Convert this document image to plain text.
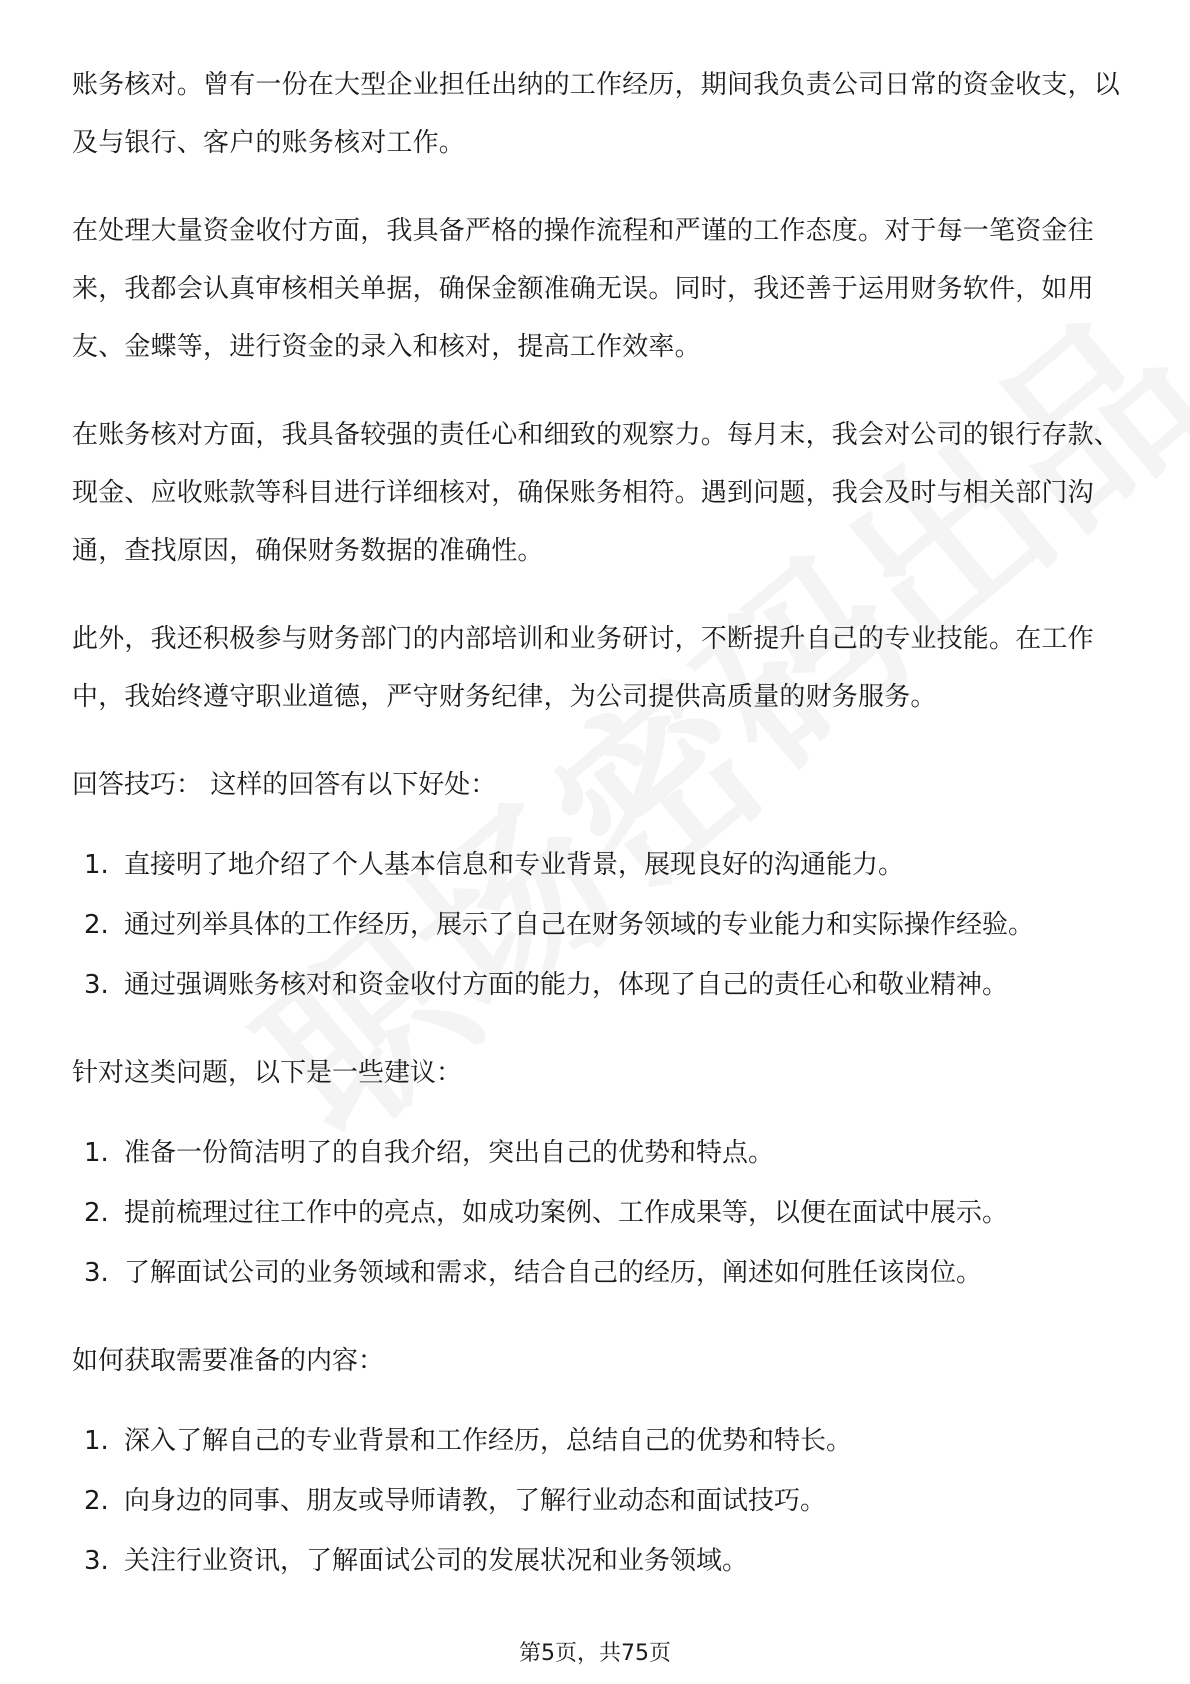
账务核对。曾有一份在大型企业担任出纳的工作经历，期间我负责公司日常的资金收支，以及与银行、客户的账务核对工作。

在处理大量资金收付方面，我具备严格的操作流程和严谨的工作态度。对于每一笔资金往来，我都会认真审核相关单据，确保金额准确无误。同时，我还善于运用财务软件，如用友、金蝶等，进行资金的录入和核对，提高工作效率。

在账务核对方面，我具备较强的责任心和细致的观察力。每月末，我会对公司的银行存款、现金、应收账款等科目进行详细核对，确保账务相符。遇到问题，我会及时与相关部门沟通，查找原因，确保财务数据的准确性。

此外，我还积极参与财务部门的内部培训和业务研讨，不断提升自己的专业技能。在工作中，我始终遵守职业道德，严守财务纪律，为公司提供高质量的财务服务。

回答技巧： 这样的回答有以下好处：

1. 直接明了地介绍了个人基本信息和专业背景，展现良好的沟通能力。
2. 通过列举具体的工作经历，展示了自己在财务领域的专业能力和实际操作经验。
3. 通过强调账务核对和资金收付方面的能力，体现了自己的责任心和敬业精神。

针对这类问题，以下是一些建议：

1. 准备一份简洁明了的自我介绍，突出自己的优势和特点。
2. 提前梳理过往工作中的亮点，如成功案例、工作成果等，以便在面试中展示。
3. 了解面试公司的业务领域和需求，结合自己的经历，阐述如何胜任该岗位。

如何获取需要准备的内容：

1. 深入了解自己的专业背景和工作经历，总结自己的优势和特长。
2. 向身边的同事、朋友或导师请教，了解行业动态和面试技巧。
3. 关注行业资讯，了解面试公司的发展状况和业务领域。
第5页，共75页
